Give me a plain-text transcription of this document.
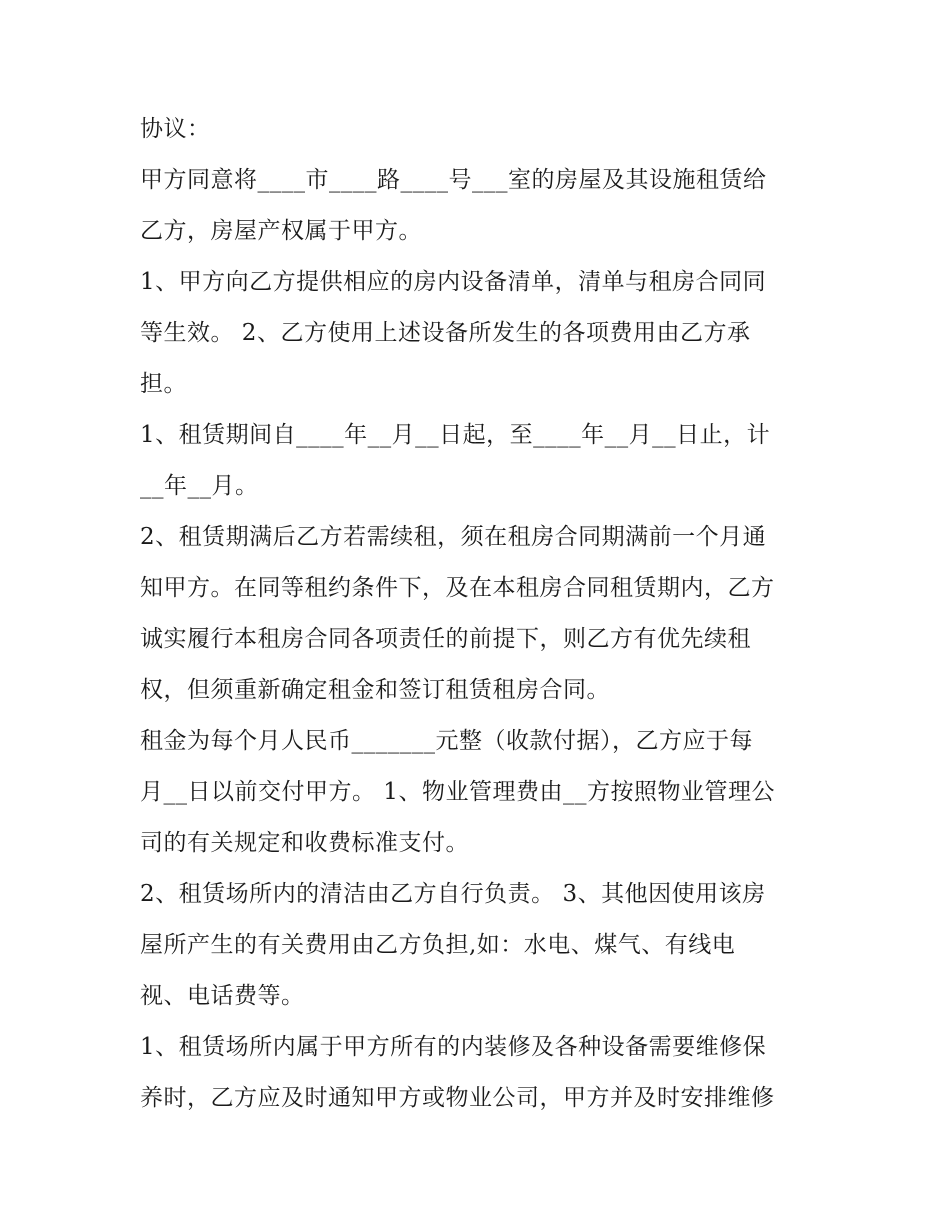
协议：
甲方同意将____市____路____号___室的房屋及其设施租赁给
乙方，房屋产权属于甲方。
1、甲方向乙方提供相应的房内设备清单，清单与租房合同同
等生效。 2、乙方使用上述设备所发生的各项费用由乙方承
担。
1、租赁期间自____年__月__日起，至____年__月__日止，计
__年__月。
2、租赁期满后乙方若需续租，须在租房合同期满前一个月通
知甲方。在同等租约条件下，及在本租房合同租赁期内，乙方
诚实履行本租房合同各项责任的前提下，则乙方有优先续租
权，但须重新确定租金和签订租赁租房合同。
租金为每个月人民币_______元整（收款付据），乙方应于每
月__日以前交付甲方。 1、物业管理费由__方按照物业管理公
司的有关规定和收费标准支付。
2、租赁场所内的清洁由乙方自行负责。 3、其他因使用该房
屋所产生的有关费用由乙方负担,如：水电、煤气、有线电
视、电话费等。
1、租赁场所内属于甲方所有的内装修及各种设备需要维修保
养时，乙方应及时通知甲方或物业公司，甲方并及时安排维修
